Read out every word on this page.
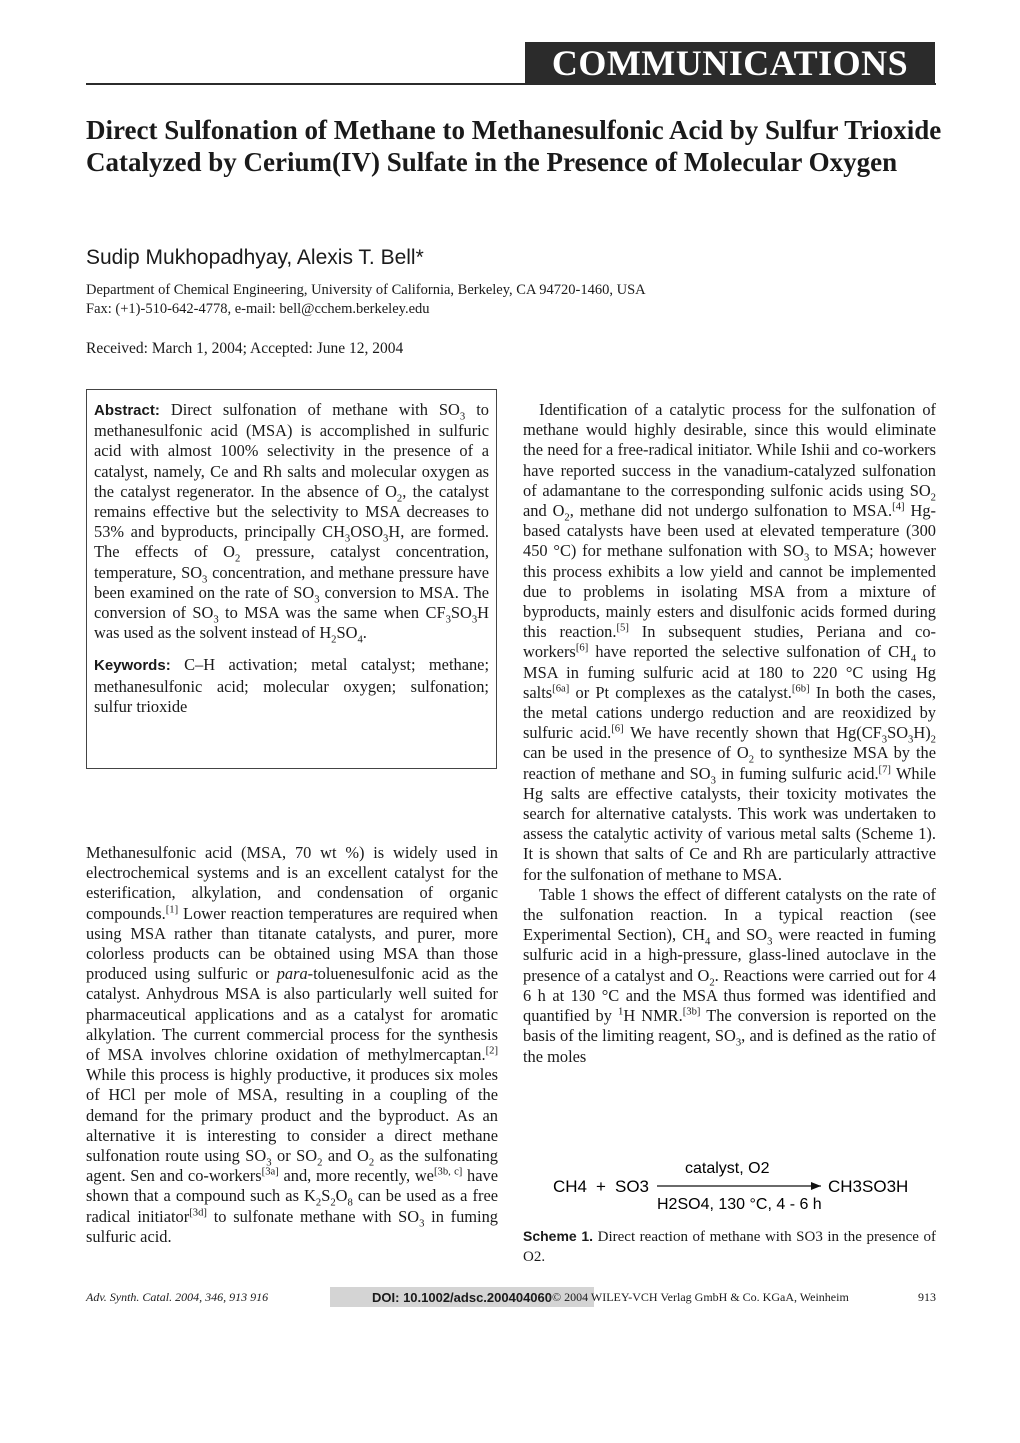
COMMUNICATIONS
Direct Sulfonation of Methane to Methanesulfonic Acid by Sulfur Trioxide Catalyzed by Cerium(IV) Sulfate in the Presence of Molecular Oxygen
Sudip Mukhopadhyay, Alexis T. Bell*
Department of Chemical Engineering, University of California, Berkeley, CA 94720-1460, USA
Fax: (+1)-510-642-4778, e-mail: bell@cchem.berkeley.edu
Received: March 1, 2004; Accepted: June 12, 2004

Abstract: Direct sulfonation of methane with $SO_3$ to methanesulfonic acid (MSA) is accomplished in sulfuric acid with almost 100% selectivity in the presence of a catalyst, namely, Ce and Rh salts and molecular oxygen as the catalyst regenerator. In the absence of $O_2$, the catalyst remains effective but the selectivity to MSA decreases to 53% and byproducts, principally $CH_3OSO_3H$, are formed. The effects of $O_2$ pressure, catalyst concentration, temperature, $SO_3$ concentration, and methane pressure have been examined on the rate of $SO_3$ conversion to MSA. The conversion of $SO_3$ to MSA was the same when $CF_3SO_3H$ was used as the solvent instead of $H_2SO_4$.

Keywords: C–H activation; metal catalyst; methane; methanesulfonic acid; molecular oxygen; sulfonation; sulfur trioxide

Methanesulfonic acid (MSA, 70 wt %) is widely used in electrochemical systems and is an excellent catalyst for the esterification, alkylation, and condensation of organic compounds.[1] Lower reaction temperatures are required when using MSA rather than titanate catalysts, and purer, more colorless products can be obtained using MSA than those produced using sulfuric or para-toluenesulfonic acid as the catalyst. Anhydrous MSA is also particularly well suited for pharmaceutical applications and as a catalyst for aromatic alkylation. The current commercial process for the synthesis of MSA involves chlorine oxidation of methylmercaptan.[2] While this process is highly productive, it produces six moles of HCl per mole of MSA, resulting in a coupling of the demand for the primary product and the byproduct. As an alternative it is interesting to consider a direct methane sulfonation route using $SO_3$ or $SO_2$ and $O_2$ as the sulfonating agent. Sen and co-workers[3a] and, more recently, we[3b, c] have shown that a compound such as $K_2S_2O_8$ can be used as a free radical initiator[3d] to sulfonate methane with $SO_3$ in fuming sulfuric acid.

Identification of a catalytic process for the sulfonation of methane would highly desirable, since this would eliminate the need for a free-radical initiator. While Ishii and co-workers have reported success in the vanadium-catalyzed sulfonation of adamantane to the corresponding sulfonic acids using $SO_2$ and $O_2$, methane did not undergo sulfonation to MSA.[4] Hg-based catalysts have been used at elevated temperature (300 450 °C) for methane sulfonation with $SO_3$ to MSA; however this process exhibits a low yield and cannot be implemented due to problems in isolating MSA from a mixture of byproducts, mainly esters and disulfonic acids formed during this reaction.[5] In subsequent studies, Periana and co-workers[6] have reported the selective sulfonation of $CH_4$ to MSA in fuming sulfuric acid at 180 to 220 °C using Hg salts[6a] or Pt complexes as the catalyst.[6b] In both the cases, the metal cations undergo reduction and are reoxidized by sulfuric acid.[6] We have recently shown that $Hg(CF_3SO_3H)_2$ can be used in the presence of $O_2$ to synthesize MSA by the reaction of methane and $SO_3$ in fuming sulfuric acid.[7] While Hg salts are effective catalysts, their toxicity motivates the search for alternative catalysts. This work was undertaken to assess the catalytic activity of various metal salts (Scheme 1). It is shown that salts of Ce and Rh are particularly attractive for the sulfonation of methane to MSA.

Table 1 shows the effect of different catalysts on the rate of the sulfonation reaction. In a typical reaction (see Experimental Section), $CH_4$ and $SO_3$ were reacted in fuming sulfuric acid in a high-pressure, glass-lined autoclave in the presence of a catalyst and $O_2$. Reactions were carried out for 4 6 h at 130 °C and the MSA thus formed was identified and quantified by $^1$H NMR.[3b] The conversion is reported on the basis of the limiting reagent, $SO_3$, and is defined as the ratio of the moles

CH4 + SO3
catalyst, O2
H2SO4, 130 °C, 4 - 6 h
CH3SO3H

Scheme 1. Direct reaction of methane with SO3 in the presence of O2.

Adv. Synth. Catal. 2004, 346, 913 916	DOI: 10.1002/adsc.200404060 © 2004 WILEY-VCH Verlag GmbH & Co. KGaA, Weinheim	913
